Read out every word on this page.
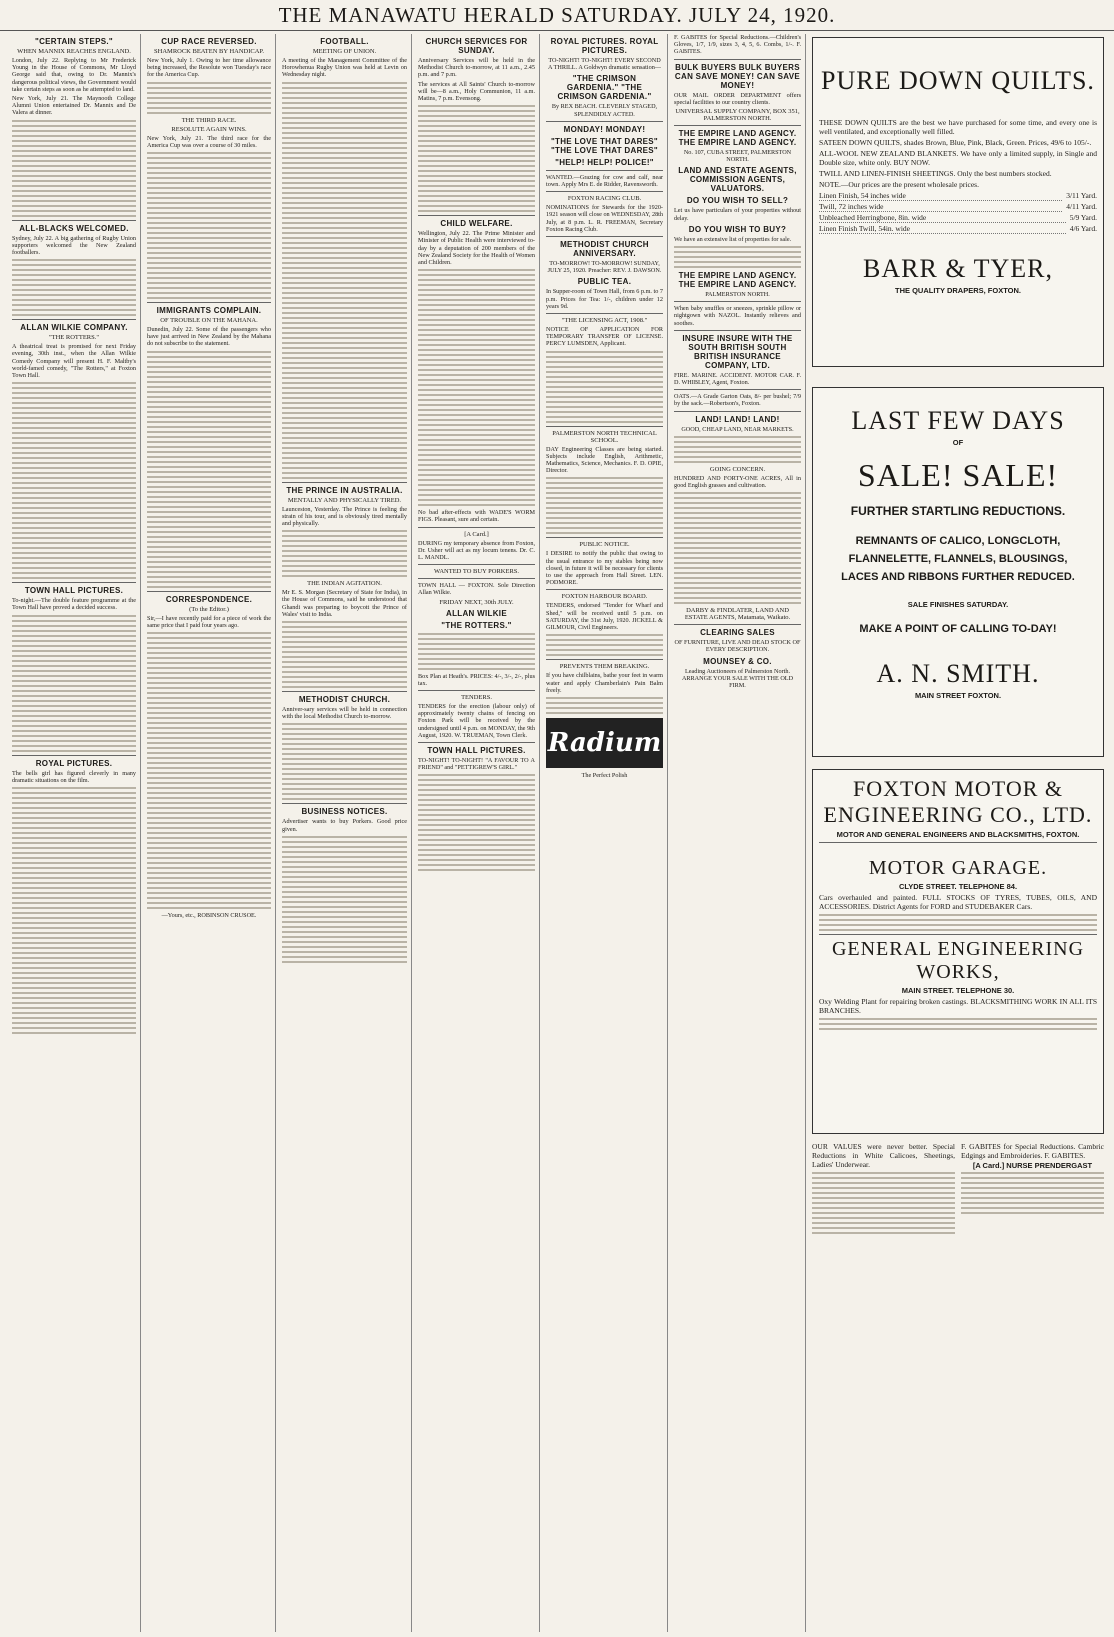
THE MANAWATU HERALD SATURDAY. JULY 24, 1920.
"CERTAIN STEPS."
WHEN MANNIX REACHES ENGLAND.

London, July 22. Replying to Mr Frederick Young in the House of Commons, Mr Lloyd George said that, owing to Dr. Mannix's dangerous political views, the Government would take certain steps as soon as he attempted to land.

New York, July 21. The Maynooth College Alumni Union entertained Dr. Mannix and De Valera at dinner.

ALL-BLACKS WELCOMED.

Sydney, July 22. A big gathering of Rugby Union supporters welcomed the New Zealand footballers.

ALLAN WILKIE COMPANY.
"THE ROTTERS."

A theatrical treat is promised for next Friday evening, 30th inst., when the Allan Wilkie Comedy Company will present H. F. Maltby's world-famed comedy, "The Rotters," at Foxton Town Hall.

TOWN HALL PICTURES.

To-night.—The double feature programme at the Town Hall have proved a decided success.

ROYAL PICTURES.

The bells girl has figured cleverly in many dramatic situations on the film.

CUP RACE REVERSED.
SHAMROCK BEATEN BY HANDICAP.

New York, July 1. Owing to her time allowance being increased, the Resolute won Tuesday's race for the America Cup.

THE THIRD RACE.
RESOLUTE AGAIN WINS.

New York, July 21. The third race for the America Cup was over a course of 30 miles.

IMMIGRANTS COMPLAIN.
OF TROUBLE ON THE MAHANA.

Dunedin, July 22. Some of the passengers who have just arrived in New Zealand by the Mahana do not subscribe to the statement.

CORRESPONDENCE.
(To the Editor.)

Sir,—I have recently paid for a piece of work the same price that I paid four years ago.

—Yours, etc., ROBINSON CRUSOE.

FOOTBALL.
MEETING OF UNION.

A meeting of the Management Committee of the Horowhenua Rugby Union was held at Levin on Wednesday night.

THE PRINCE IN AUSTRALIA.
MENTALLY AND PHYSICALLY TIRED.

Launceston, Yesterday. The Prince is feeling the strain of his tour, and is obviously tired mentally and physically.

THE INDIAN AGITATION.

Mr E. S. Morgan (Secretary of State for India), in the House of Commons, said he understood that Ghandi was preparing to boycott the Prince of Wales' visit to India.

METHODIST CHURCH.

Anniver-sary services will be held in connection with the local Methodist Church to-morrow.

BUSINESS NOTICES.

Advertiser wants to buy Porkers. Good price given.

CHURCH SERVICES FOR SUNDAY.

Anniversary Services will be held in the Methodist Church to-morrow, at 11 a.m., 2.45 p.m. and 7 p.m.

The services at All Saints' Church to-morrow will be—8 a.m., Holy Communion, 11 a.m. Matins, 7 p.m. Evensong.

CHILD WELFARE.

Wellington, July 22. The Prime Minister and Minister of Public Health were interviewed to-day by a deputation of 200 members of the New Zealand Society for the Health of Women and Children.

No bad after-effects with WADE'S WORM FIGS. Pleasant, sure and certain.

[A Card.]

DURING my temporary absence from Foxton, Dr. Usher will act as my locum tenens. Dr. C. L. MANDL.

WANTED TO BUY PORKERS.

TOWN HALL — FOXTON. Sole Direction Allan Wilkie.

FRIDAY NEXT, 30th JULY.
ALLAN WILKIE
"THE ROTTERS."

Box Plan at Heath's. PRICES: 4/-, 3/-, 2/-, plus tax.

TENDERS.

TENDERS for the erection (labour only) of approximately twenty chains of fencing on Foxton Park will be received by the undersigned until 4 p.m. on MONDAY, the 9th August, 1920. W. TRUEMAN, Town Clerk.

TOWN HALL PICTURES.

TO-NIGHT! TO-NIGHT! "A FAVOUR TO A FRIEND" and "PETTIGREW'S GIRL."

ROYAL PICTURES. ROYAL PICTURES.

TO-NIGHT! TO-NIGHT! EVERY SECOND A THRILL. A Goldwyn dramatic sensation—

"THE CRIMSON GARDENIA." "THE CRIMSON GARDENIA."

By REX BEACH. CLEVERLY STAGED, SPLENDIDLY ACTED.

MONDAY! MONDAY!
"THE LOVE THAT DARES" "THE LOVE THAT DARES"
"HELP! HELP! POLICE!"

WANTED.—Grazing for cow and calf, near town. Apply Mrs E. de Ridder, Ravensworth.

FOXTON RACING CLUB.

NOMINATIONS for Stewards for the 1920-1921 season will close on WEDNESDAY, 28th July, at 8 p.m. L. R. FREEMAN, Secretary Foxton Racing Club.

METHODIST CHURCH ANNIVERSARY.

TO-MORROW! TO-MORROW! SUNDAY, JULY 25, 1920. Preacher: REV. J. DAWSON.

PUBLIC TEA.

In Supper-room of Town Hall, from 6 p.m. to 7 p.m. Prices for Tea: 1/-, children under 12 years 9d.

"THE LICENSING ACT, 1908."

NOTICE OF APPLICATION FOR TEMPORARY TRANSFER OF LICENSE. PERCY LUMSDEN, Applicant.

PALMERSTON NORTH TECHNICAL SCHOOL.

DAY Engineering Classes are being started. Subjects include English, Arithmetic, Mathematics, Science, Mechanics. F. D. OPIE, Director.

PUBLIC NOTICE.

I DESIRE to notify the public that owing to the usual entrance to my stables being now closed, in future it will be necessary for clients to use the approach from Hall Street. LEN. PODMORE.

FOXTON HARBOUR BOARD.

TENDERS, endorsed "Tender for Wharf and Shed," will be received until 5 p.m. on SATURDAY, the 31st July, 1920. JICKELL & GILMOUR, Civil Engineers.

PREVENTS THEM BREAKING.

If you have chilblains, bathe your feet in warm water and apply Chamberlain's Pain Balm freely.

Radium

The Perfect Polish

F. GABITES for Special Reductions.—Children's Gloves, 1/7, 1/9, sizes 3, 4, 5, 6. Combs, 1/-. F. GABITES.

BULK BUYERS BULK BUYERS CAN SAVE MONEY! CAN SAVE MONEY!

OUR MAIL ORDER DEPARTMENT offers special facilities to our country clients.

UNIVERSAL SUPPLY COMPANY, BOX 351, PALMERSTON NORTH.
THE EMPIRE LAND AGENCY. THE EMPIRE LAND AGENCY.

No. 107, CUBA STREET, PALMERSTON NORTH.

LAND AND ESTATE AGENTS, COMMISSION AGENTS, VALUATORS.
DO YOU WISH TO SELL?

Let us have particulars of your properties without delay.

DO YOU WISH TO BUY?

We have an extensive list of properties for sale.

THE EMPIRE LAND AGENCY. THE EMPIRE LAND AGENCY.

PALMERSTON NORTH.

When baby snuffles or sneezes, sprinkle pillow or nightgown with NAZOL. Instantly relieves and soothes.

INSURE INSURE WITH THE SOUTH BRITISH SOUTH BRITISH INSURANCE COMPANY, LTD.

FIRE. MARINE. ACCIDENT. MOTOR CAR. F. D. WHIBLEY, Agent, Foxton.

OATS.—A Grade Garton Oats, 8/- per bushel; 7/9 by the sack.—Robertson's, Foxton.

LAND! LAND! LAND!

GOOD, CHEAP LAND, NEAR MARKETS.

GOING CONCERN.

HUNDRED AND FORTY-ONE ACRES, All in good English grasses and cultivation.

DARBY & FINDLATER, LAND AND ESTATE AGENTS, Matamata, Waikato.
CLEARING SALES

OF FURNITURE, LIVE AND DEAD STOCK OF EVERY DESCRIPTION.

MOUNSEY & CO.

Leading Auctioneers of Palmerston North. ARRANGE YOUR SALE WITH THE OLD FIRM.

PURE DOWN QUILTS.

THESE DOWN QUILTS are the best we have purchased for some time, and every one is well ventilated, and exceptionally well filled.

SATEEN DOWN QUILTS, shades Brown, Blue, Pink, Black, Green. Prices, 49/6 to 105/-.

ALL-WOOL NEW ZEALAND BLANKETS. We have only a limited supply, in Single and Double size, white only. BUY NOW.

TWILL AND LINEN-FINISH SHEETINGS. Only the best numbers stocked.

NOTE.—Our prices are the present wholesale prices.

Linen Finish, 54 inches wide	3/11 Yard.
Twill, 72 inches wide	4/11 Yard.
Unbleached Herringbone, 8in. wide	5/9 Yard.
Linen Finish Twill, 54in. wide	4/6 Yard.
BARR & TYER,
THE QUALITY DRAPERS, FOXTON.
LAST FEW DAYS
OF
SALE! SALE!
FURTHER STARTLING REDUCTIONS.
REMNANTS OF CALICO, LONGCLOTH, FLANNELETTE, FLANNELS, BLOUSINGS, LACES AND RIBBONS FURTHER REDUCED.
SALE FINISHES SATURDAY.
MAKE A POINT OF CALLING TO-DAY!
A. N. SMITH.
MAIN STREET FOXTON.
FOXTON MOTOR & ENGINEERING CO., LTD.
MOTOR AND GENERAL ENGINEERS AND BLACKSMITHS, FOXTON.
MOTOR GARAGE.
CLYDE STREET. TELEPHONE 84.

Cars overhauled and painted. FULL STOCKS OF TYRES, TUBES, OILS, AND ACCESSORIES. District Agents for FORD and STUDEBAKER Cars.

GENERAL ENGINEERING WORKS,
MAIN STREET. TELEPHONE 30.

Oxy Welding Plant for repairing broken castings. BLACKSMITHING WORK IN ALL ITS BRANCHES.

OUR VALUES were never better. Special Reductions in White Calicoes, Sheetings, Ladies' Underwear.

F. GABITES for Special Reductions. Cambric Edgings and Embroideries. F. GABITES.

[A Card.] NURSE PRENDERGAST
